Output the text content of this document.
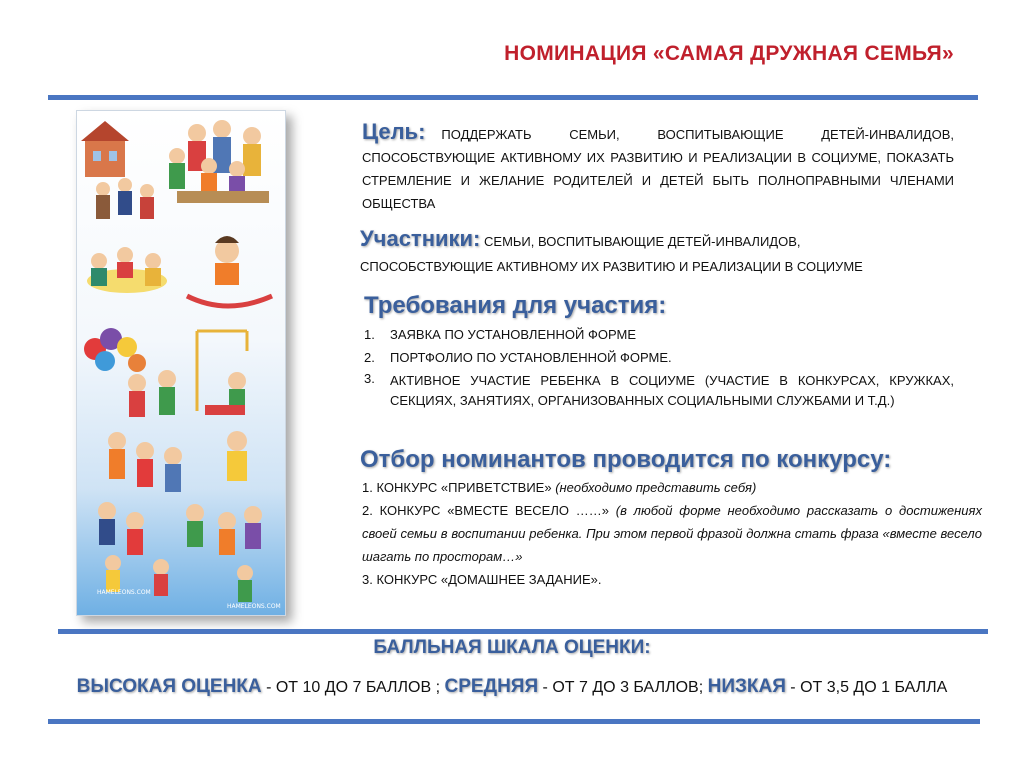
НОМИНАЦИЯ «САМАЯ ДРУЖНАЯ СЕМЬЯ»
HAMELEONS.COM
HAMELEONS.COM
Цель: ПОДДЕРЖАТЬ СЕМЬИ, ВОСПИТЫВАЮЩИЕ ДЕТЕЙ-ИНВАЛИДОВ, СПОСОБСТВУЮЩИЕ АКТИВНОМУ ИХ РАЗВИТИЮ И РЕАЛИЗАЦИИ В СОЦИУМЕ, ПОКАЗАТЬ СТРЕМЛЕНИЕ И ЖЕЛАНИЕ РОДИТЕЛЕЙ И ДЕТЕЙ БЫТЬ ПОЛНОПРАВНЫМИ ЧЛЕНАМИ ОБЩЕСТВА
Участники: СЕМЬИ, ВОСПИТЫВАЮЩИЕ ДЕТЕЙ-ИНВАЛИДОВ,
СПОСОБСТВУЮЩИЕ АКТИВНОМУ ИХ РАЗВИТИЮ И РЕАЛИЗАЦИИ В СОЦИУМЕ
Требования для участия:
1. ЗАЯВКА ПО УСТАНОВЛЕННОЙ ФОРМЕ
2. ПОРТФОЛИО ПО УСТАНОВЛЕННОЙ ФОРМЕ.
3. АКТИВНОЕ УЧАСТИЕ РЕБЕНКА В СОЦИУМЕ (УЧАСТИЕ В КОНКУРСАХ, КРУЖКАХ, СЕКЦИЯХ, ЗАНЯТИЯХ, ОРГАНИЗОВАННЫХ СОЦИАЛЬНЫМИ СЛУЖБАМИ И Т.Д.)
Отбор номинантов проводится по конкурсу:
1. КОНКУРС «ПРИВЕТСТВИЕ» (необходимо представить себя)
2. КОНКУРС «ВМЕСТЕ ВЕСЕЛО ……» (в любой форме необходимо рассказать о достижениях своей семьи в воспитании ребенка. При этом первой фразой должна стать фраза «вместе весело шагать по просторам…»
3. КОНКУРС «ДОМАШНЕЕ ЗАДАНИЕ».
БАЛЛЬНАЯ ШКАЛА ОЦЕНКИ:
ВЫСОКАЯ ОЦЕНКА - ОТ 10 ДО 7 БАЛЛОВ ; СРЕДНЯЯ - ОТ 7 ДО 3 БАЛЛОВ; НИЗКАЯ - ОТ 3,5 ДО 1 БАЛЛА
